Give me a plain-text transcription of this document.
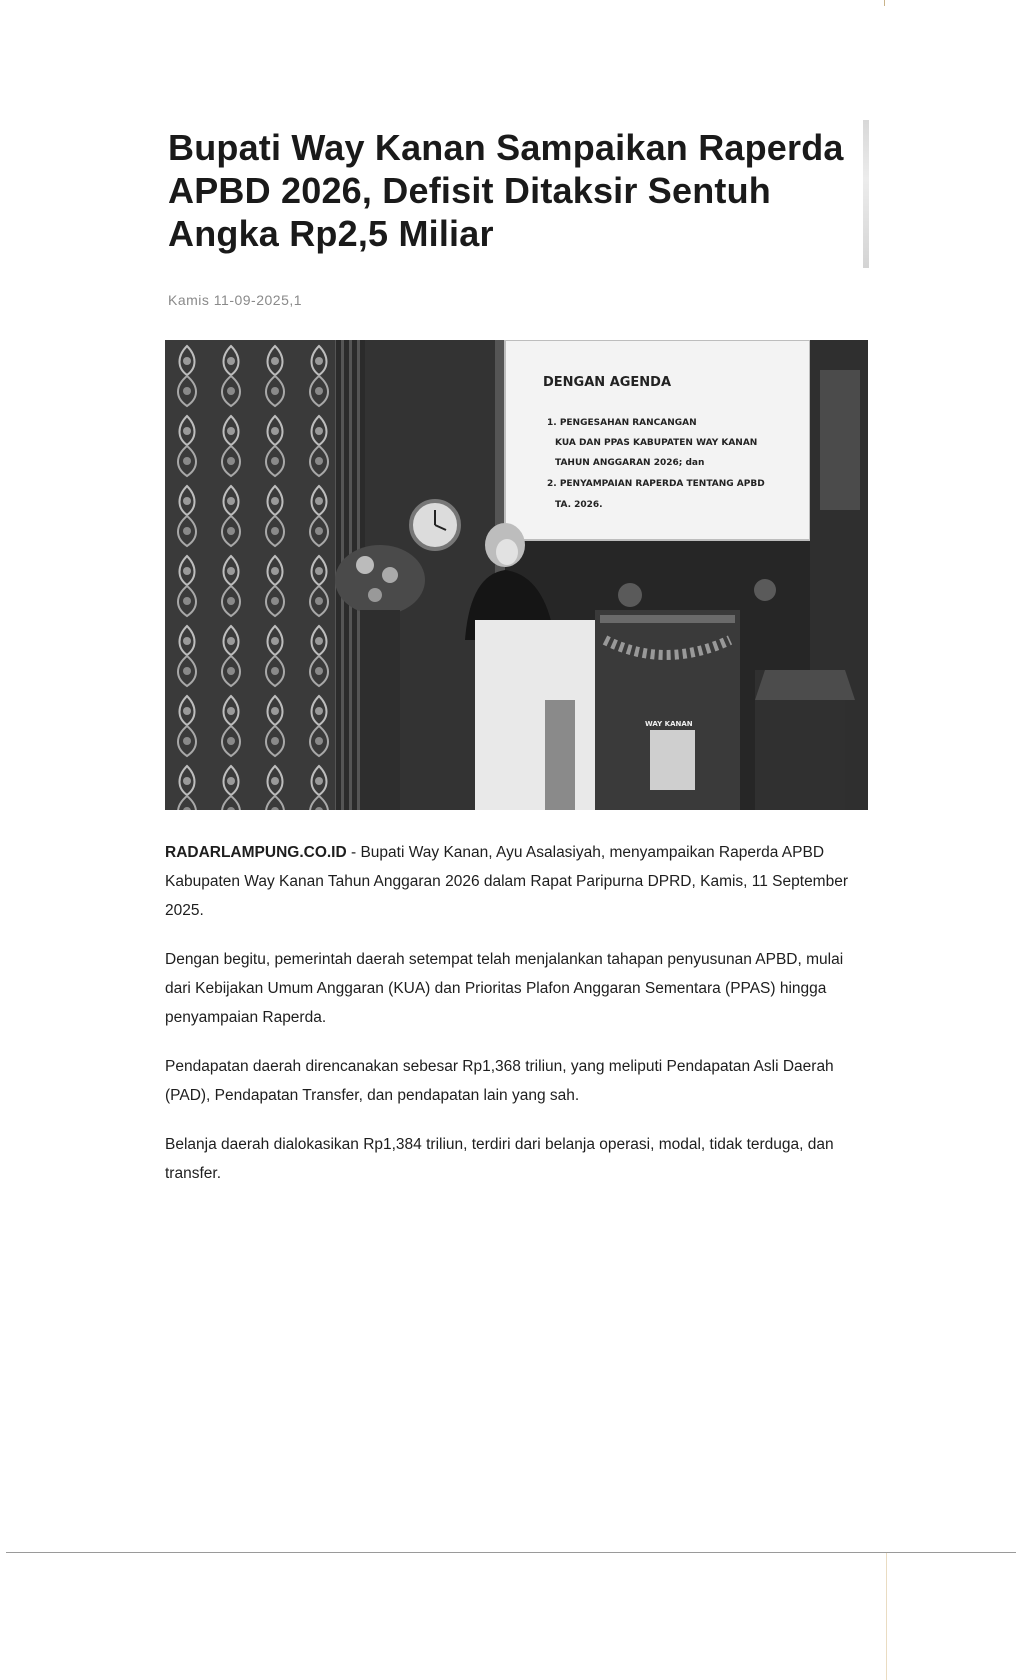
Bupati Way Kanan Sampaikan Raperda APBD 2026, Defisit Ditaksir Sentuh Angka Rp2,5 Miliar
Kamis 11-09-2025,1
DENGAN AGENDA
1. PENGESAHAN RANCANGAN
KUA DAN PPAS KABUPATEN WAY KANAN
TAHUN ANGGARAN 2026; dan
2. PENYAMPAIAN RAPERDA TENTANG APBD
TA. 2026.
WAY KANAN

RADARLAMPUNG.CO.ID - Bupati Way Kanan, Ayu Asalasiyah, menyampaikan Raperda APBD Kabupaten Way Kanan Tahun Anggaran 2026 dalam Rapat Paripurna DPRD, Kamis, 11 September 2025.

Dengan begitu, pemerintah daerah setempat telah menjalankan tahapan penyusunan APBD, mulai dari Kebijakan Umum Anggaran (KUA) dan Prioritas Plafon Anggaran Sementara (PPAS) hingga penyampaian Raperda.

Pendapatan daerah direncanakan sebesar Rp1,368 triliun, yang meliputi Pendapatan Asli Daerah (PAD), Pendapatan Transfer, dan pendapatan lain yang sah.

Belanja daerah dialokasikan Rp1,384 triliun, terdiri dari belanja operasi, modal, tidak terduga, dan transfer.
